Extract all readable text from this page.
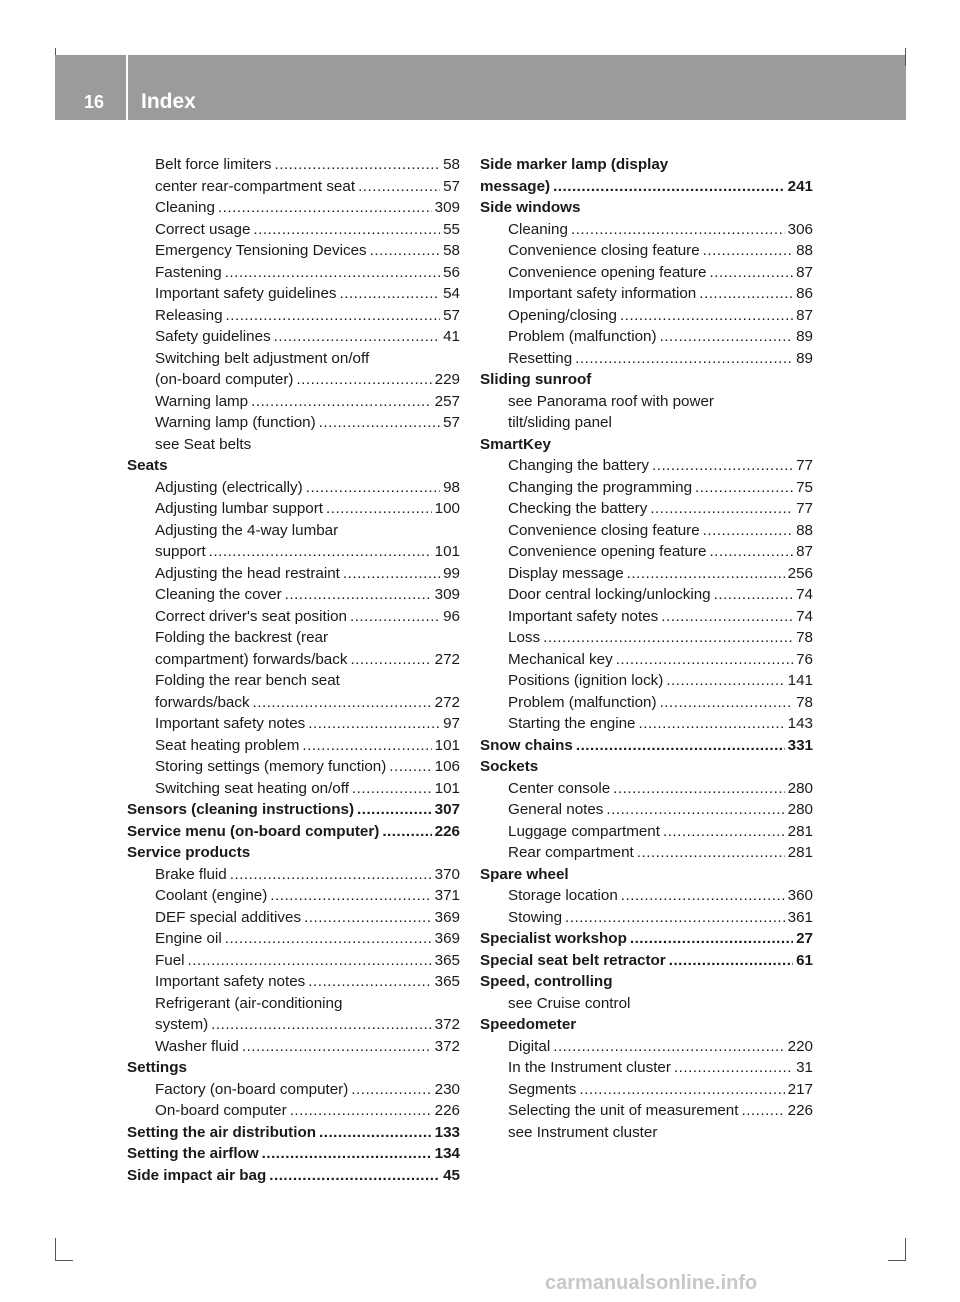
16 Index
Belt force limiters .....	58
center rear-compartment seat .....	57
Cleaning .....	309
Correct usage .....	55
Emergency Tensioning Devices .....	58
Fastening .....	56
Important safety guidelines .....	54
Releasing .....	57
Safety guidelines .....	41
Switching belt adjustment on/off
(on-board computer) .....	229
Warning lamp .....	257
Warning lamp (function) .....	57
see Seat belts
Seats
Adjusting (electrically) .....	98
Adjusting lumbar support .....	100
Adjusting the 4-way lumbar
support .....	101
Adjusting the head restraint .....	99
Cleaning the cover .....	309
Correct driver's seat position .....	96
Folding the backrest (rear
compartment) forwards/back .....	272
Folding the rear bench seat
forwards/back .....	272
Important safety notes .....	97
Seat heating problem .....	101
Storing settings (memory function) .....	106
Switching seat heating on/off .....	101
Sensors (cleaning instructions) .....	307
Service menu (on-board computer) .....	226
Service products
Brake fluid .....	370
Coolant (engine) .....	371
DEF special additives .....	369
Engine oil .....	369
Fuel .....	365
Important safety notes .....	365
Refrigerant (air-conditioning
system) .....	372
Washer fluid .....	372
Settings
Factory (on-board computer) .....	230
On-board computer .....	226
Setting the air distribution .....	133
Setting the airflow .....	134
Side impact air bag .....	45
Side marker lamp (display
message) .....	241
Side windows
Cleaning .....	306
Convenience closing feature .....	88
Convenience opening feature .....	87
Important safety information .....	86
Opening/closing .....	87
Problem (malfunction) .....	89
Resetting .....	89
Sliding sunroof
see Panorama roof with power
tilt/sliding panel
SmartKey
Changing the battery .....	77
Changing the programming .....	75
Checking the battery .....	77
Convenience closing feature .....	88
Convenience opening feature .....	87
Display message .....	256
Door central locking/unlocking .....	74
Important safety notes .....	74
Loss .....	78
Mechanical key .....	76
Positions (ignition lock) .....	141
Problem (malfunction) .....	78
Starting the engine .....	143
Snow chains .....	331
Sockets
Center console .....	280
General notes .....	280
Luggage compartment .....	281
Rear compartment .....	281
Spare wheel
Storage location .....	360
Stowing .....	361
Specialist workshop .....	27
Special seat belt retractor .....	61
Speed, controlling
see Cruise control
Speedometer
Digital .....	220
In the Instrument cluster .....	31
Segments .....	217
Selecting the unit of measurement .....	226
see Instrument cluster
carmanualsonline.info
